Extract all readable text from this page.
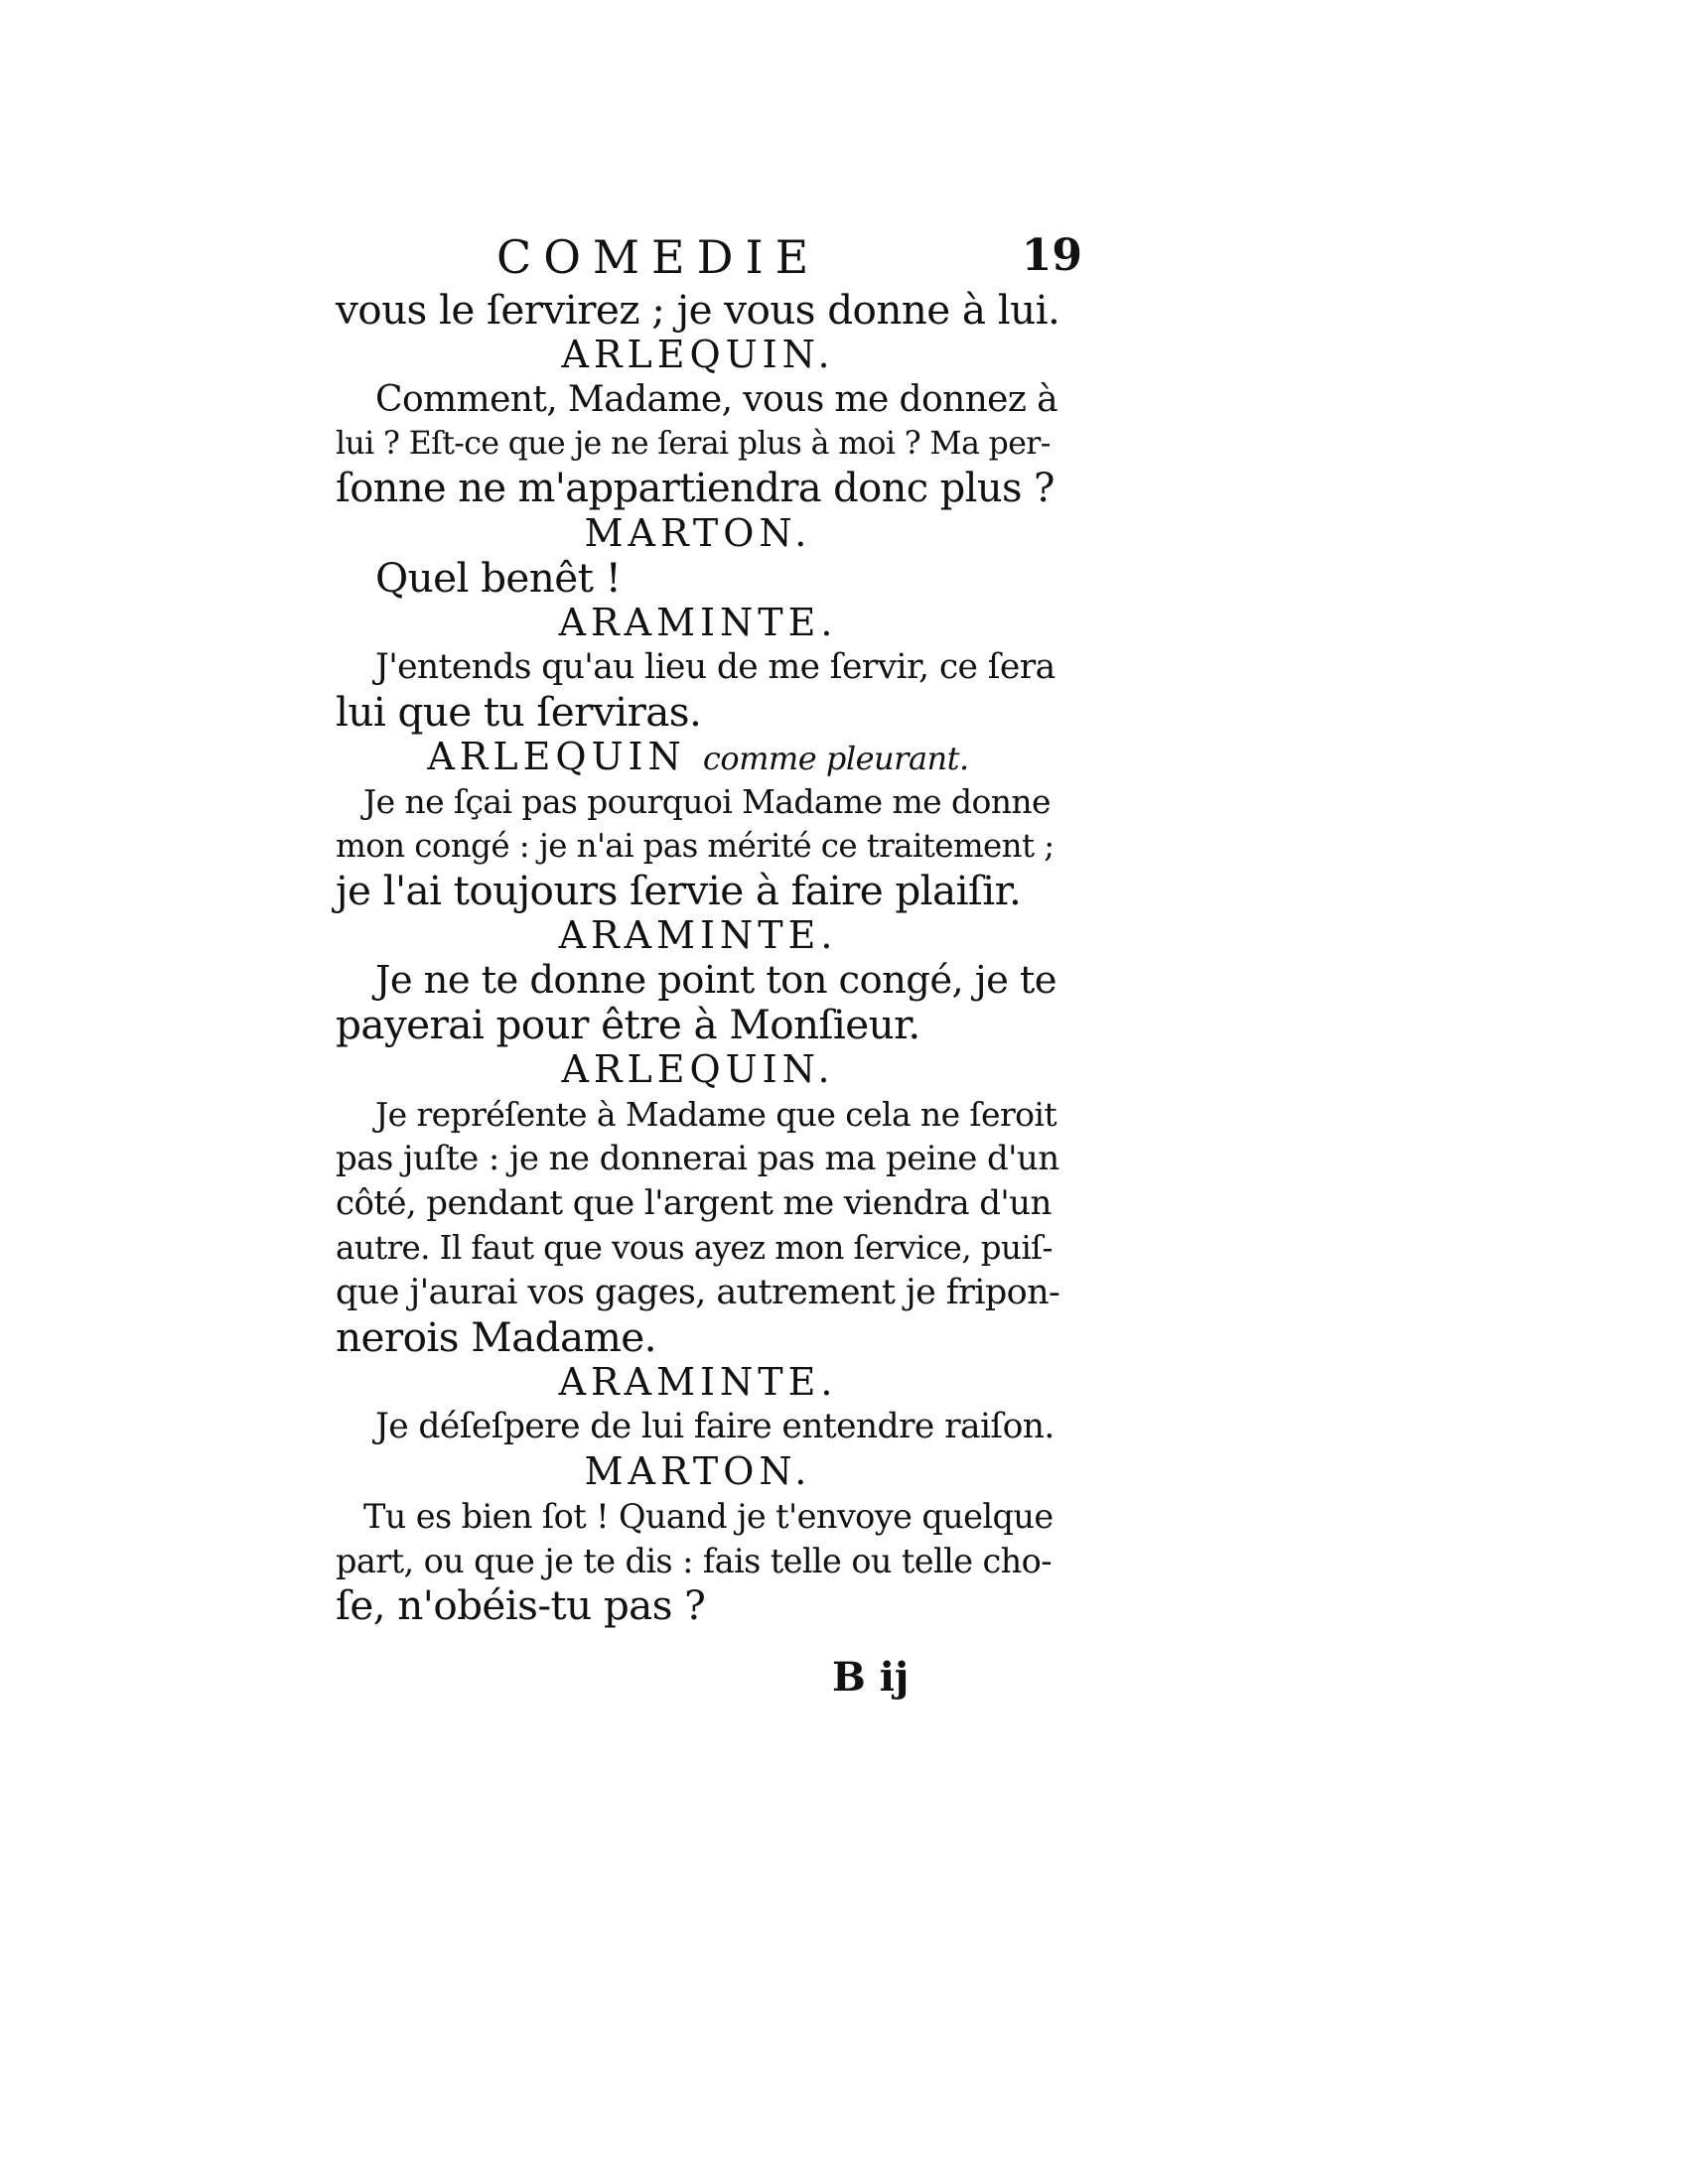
COMEDIE	19
vous le ſervirez ; je vous donne à lui.
ARLEQUIN.
Comment, Madame, vous me donnez à
lui ? Eſt-ce que je ne ſerai plus à moi ? Ma per-
ſonne ne m'appartiendra donc plus ?
MARTON.
Quel benêt !
ARAMINTE.
J'entends qu'au lieu de me ſervir, ce ſera
lui que tu ſerviras.
ARLEQUIN comme pleurant.
Je ne ſçai pas pourquoi Madame me donne
mon congé : je n'ai pas mérité ce traitement ;
je l'ai toujours ſervie à faire plaiſir.
ARAMINTE.
Je ne te donne point ton congé, je te
payerai pour être à Monſieur.
ARLEQUIN.
Je repréſente à Madame que cela ne ſeroit
pas juſte : je ne donnerai pas ma peine d'un
côté, pendant que l'argent me viendra d'un
autre. Il faut que vous ayez mon ſervice, puiſ-
que j'aurai vos gages, autrement je fripon-
nerois Madame.
ARAMINTE.
Je déſeſpere de lui faire entendre raiſon.
MARTON.
Tu es bien ſot ! Quand je t'envoye quelque
part, ou que je te dis : fais telle ou telle cho-
ſe, n'obéis-tu pas ?
B ij
